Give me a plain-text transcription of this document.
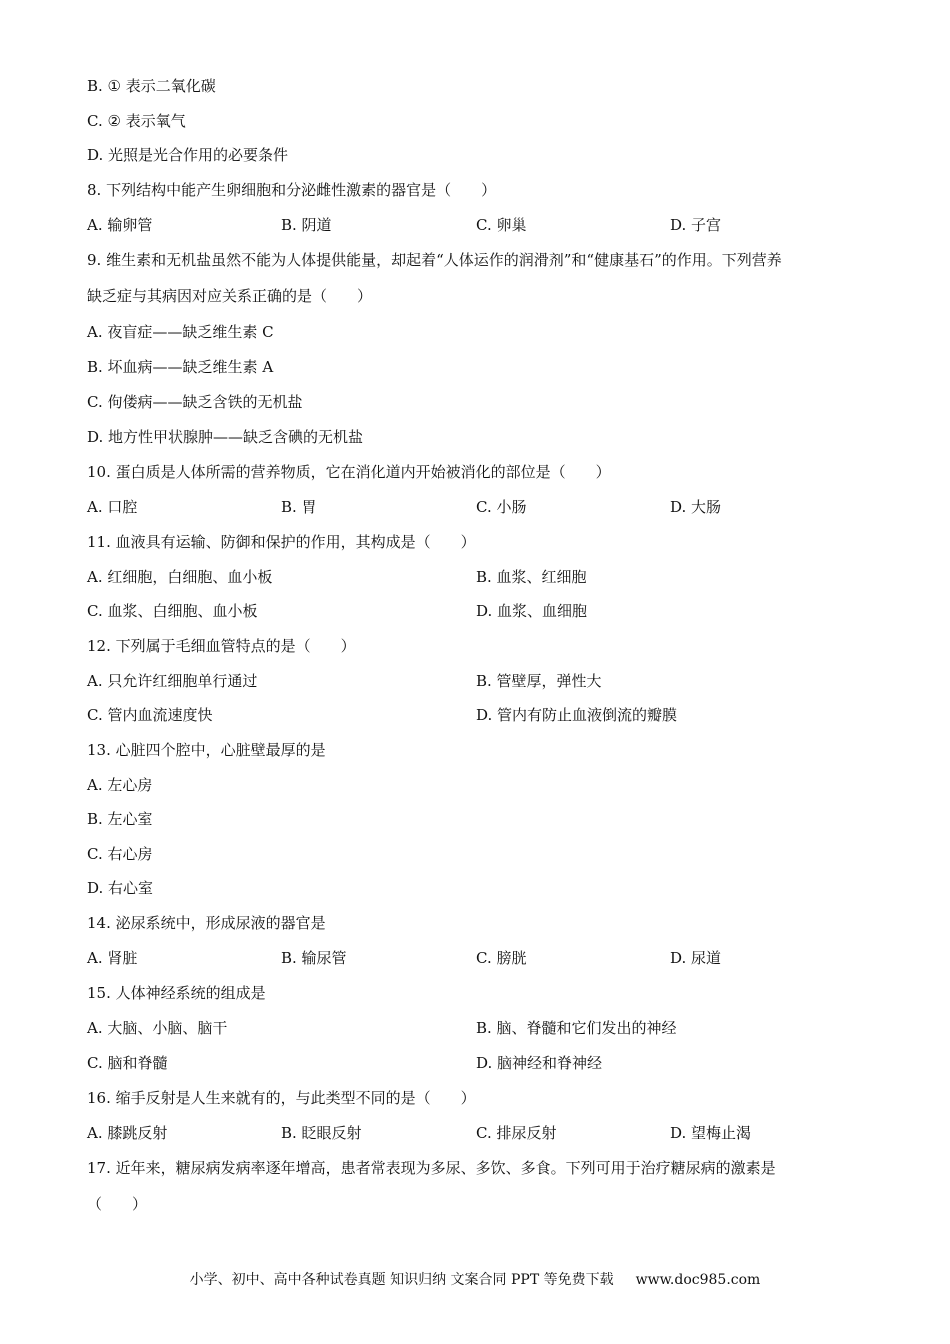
B. ① 表示二氧化碳
C. ② 表示氧气
D. 光照是光合作用的必要条件
8. 下列结构中能产生卵细胞和分泌雌性激素的器官是（　　）
A. 输卵管	B. 阴道	C. 卵巢	D. 子宫
9. 维生素和无机盐虽然不能为人体提供能量，却起着“人体运作的润滑剂”和“健康基石”的作用。下列营养
缺乏症与其病因对应关系正确的是（　　）
A. 夜盲症——缺乏维生素 C
B. 坏血病——缺乏维生素 A
C. 佝偻病——缺乏含铁的无机盐
D. 地方性甲状腺肿——缺乏含碘的无机盐
10. 蛋白质是人体所需的营养物质，它在消化道内开始被消化的部位是（　　）
A. 口腔	B. 胃	C. 小肠	D. 大肠
11. 血液具有运输、防御和保护的作用，其构成是（　　）
A. 红细胞，白细胞、血小板	B. 血浆、红细胞
C. 血浆、白细胞、血小板	D. 血浆、血细胞
12. 下列属于毛细血管特点的是（　　）
A. 只允许红细胞单行通过	B. 管壁厚，弹性大
C. 管内血流速度快	D. 管内有防止血液倒流的瓣膜
13. 心脏四个腔中，心脏壁最厚的是
A. 左心房
B. 左心室
C. 右心房
D. 右心室
14. 泌尿系统中，形成尿液的器官是
A. 肾脏	B. 输尿管	C. 膀胱	D. 尿道
15. 人体神经系统的组成是
A. 大脑、小脑、脑干	B. 脑、脊髓和它们发出的神经
C. 脑和脊髓	D. 脑神经和脊神经
16. 缩手反射是人生来就有的，与此类型不同的是（　　）
A. 膝跳反射	B. 眨眼反射	C. 排尿反射	D. 望梅止渴
17. 近年来，糖尿病发病率逐年增高，患者常表现为多尿、多饮、多食。下列可用于治疗糖尿病的激素是
（　　）
小学、初中、高中各种试卷真题 知识归纳 文案合同 PPT 等免费下载 www.doc985.com
